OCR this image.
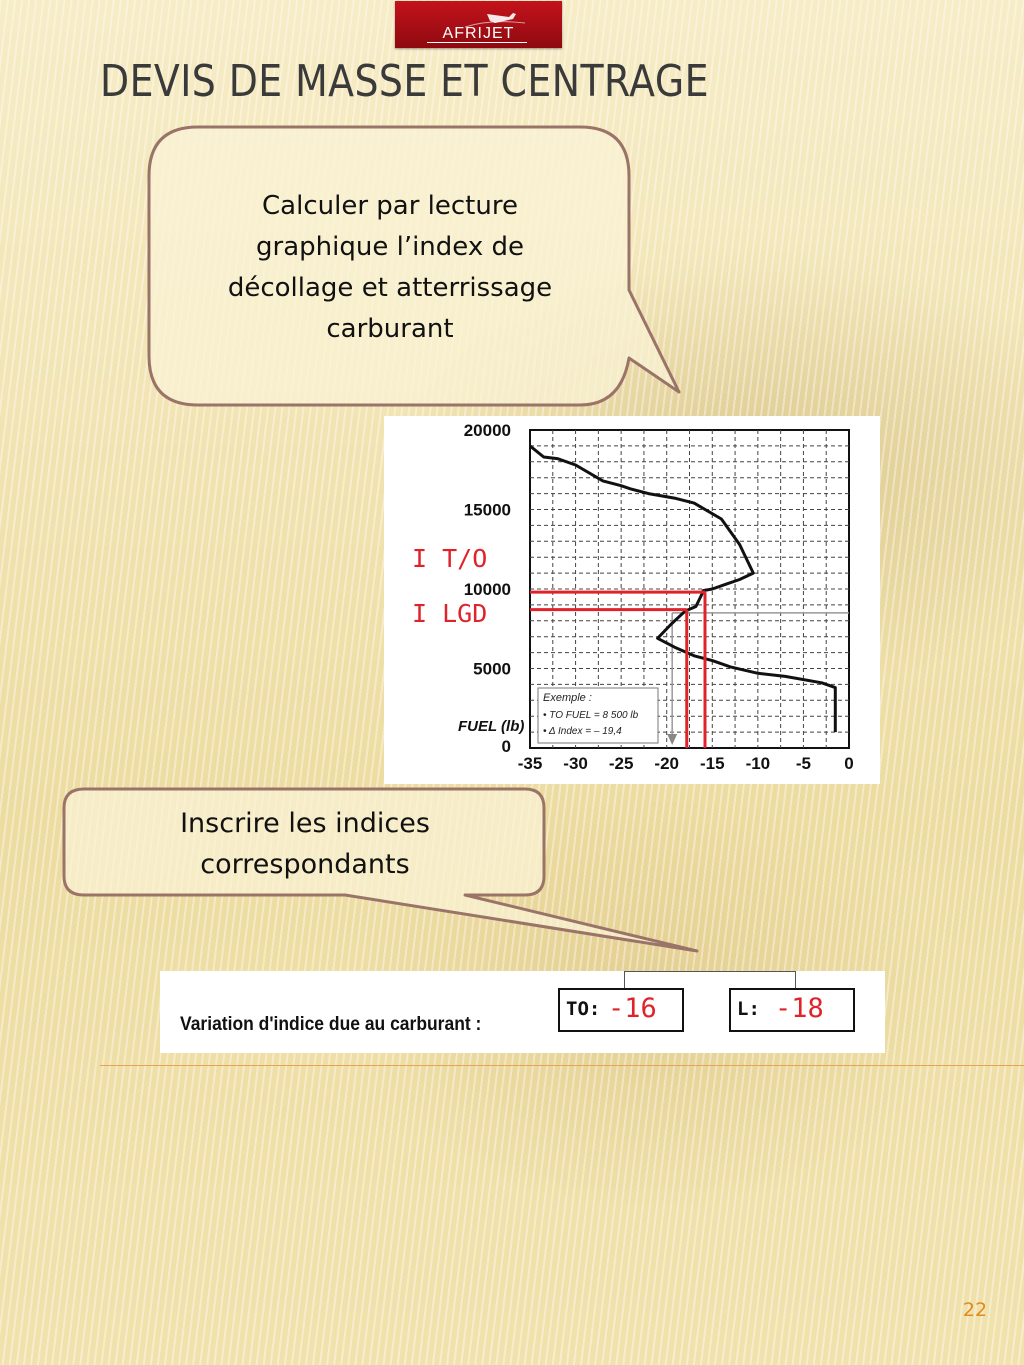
AFRIJET
DEVIS DE MASSE ET CENTRAGE
Calculer par lecture
graphique l’index de
décollage et atterrissage
carburant
Inscrire les indices
correspondants
-35 -30 -25 -20 -15 -10 -5 0
20000
15000
10000
5000
0
FUEL (lb)
Exemple :
• TO FUEL = 8 500 lb
• Δ Index = – 19,4
I T/O
I LGD
Variation d'indice due au carburant :
TO: -16	L: -18
22
